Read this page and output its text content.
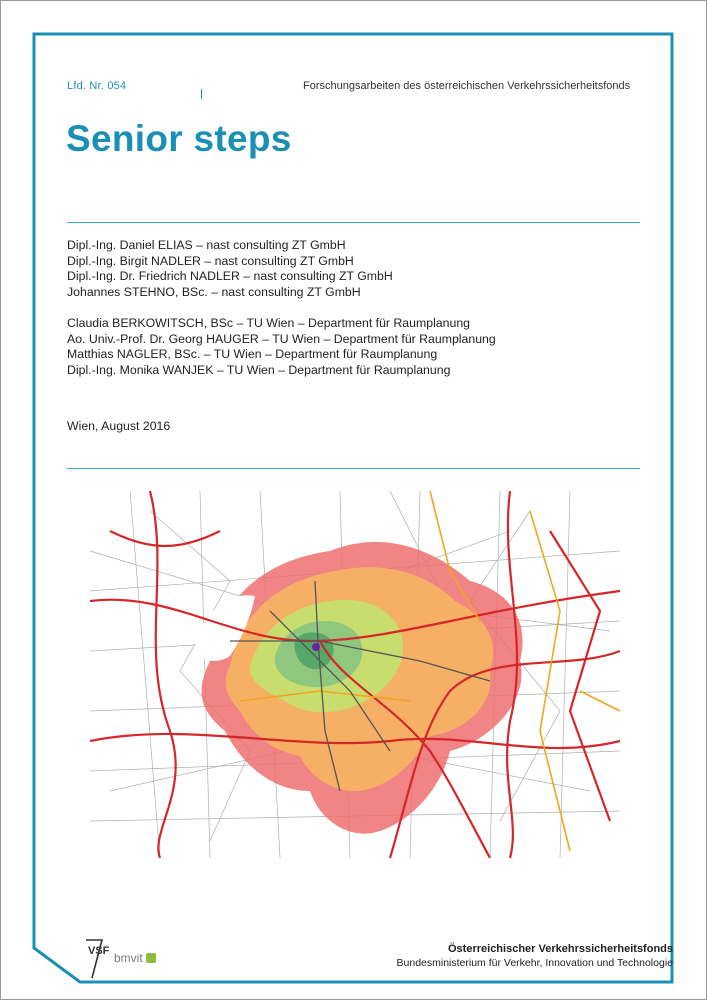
Lfd. Nr. 054	Forschungsarbeiten des österreichischen Verkehrssicherheitsfonds
Senior steps
Dipl.-Ing. Daniel ELIAS – nast consulting ZT GmbH
Dipl.-Ing. Birgit NADLER – nast consulting ZT GmbH
Dipl.-Ing. Dr. Friedrich NADLER – nast consulting ZT GmbH
Johannes STEHNO, BSc. – nast consulting ZT GmbH
Claudia BERKOWITSCH, BSc – TU Wien – Department für Raumplanung
Ao. Univ.-Prof. Dr. Georg HAUGER – TU Wien – Department für Raumplanung
Matthias NAGLER, BSc. – TU Wien – Department für Raumplanung
Dipl.-Ing. Monika WANJEK – TU Wien – Department für Raumplanung
Wien, August 2016
VSF bmvit
Österreichischer Verkehrssicherheitsfonds
Bundesministerium für Verkehr, Innovation und Technologie
